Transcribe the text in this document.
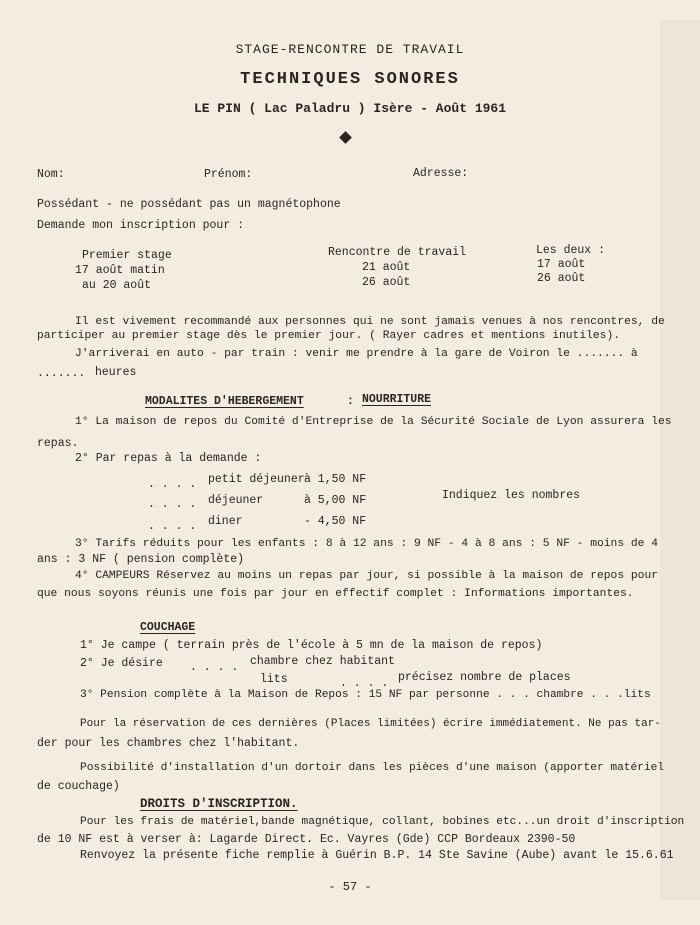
STAGE-RENCONTRE DE TRAVAIL
TECHNIQUES SONORES
LE PIN ( Lac Paladru ) Isère - Août 1961
Nom:	Prénom:	Adresse:
Possédant - ne possédant pas un magnétophone
Demande mon inscription pour :
Premier stage
17 août matin
au 20 août
Rencontre de travail
21 août
26 août
Les deux :
17 août
26 août
Il est vivement recommandé aux personnes qui ne sont jamais venues à nos rencontres, de
participer au premier stage dès le premier jour. ( Rayer cadres et mentions inutiles).
J'arriverai en auto - par train : venir me prendre à la gare de Voiron le ....... à
....... heures
MODALITES D'HEBERGEMENT	: NOURRITURE
1° La maison de repos du Comité d'Entreprise de la Sécurité Sociale de Lyon assurera les
repas.
2° Par repas à la demande :
. . . . petit déjeuner à 1,50 NF
. . . . déjeuner	à 5,00 NF
. . . . diner	- 4,50 NF
Indiquez les nombres
3° Tarifs réduits pour les enfants : 8 à 12 ans : 9 NF - 4 à 8 ans : 5 NF - moins de 4
ans : 3 NF ( pension complète)
4° CAMPEURS Réservez au moins un repas par jour, si possible à la maison de repos pour
que nous soyons réunis une fois par jour en effectif complet : Informations importantes.
COUCHAGE
1° Je campe ( terrain près de l'école à 5 mn de la maison de repos)
2° Je désire . . . . chambre chez habitant
lits	. . . . précisez nombre de places
3° Pension complète à la Maison de Repos : 15 NF par personne . . . chambre . . .lits
Pour la réservation de ces dernières (Places limitées) écrire immédiatement. Ne pas tar-
der pour les chambres chez l'habitant.
Possibilité d'installation d'un dortoir dans les pièces d'une maison (apporter matériel
de couchage)
DROITS D'INSCRIPTION.
Pour les frais de matériel,bande magnétique, collant, bobines etc...un droit d'inscription
de 10 NF est à verser à: Lagarde Direct. Ec. Vayres (Gde) CCP Bordeaux 2390-50
Renvoyez la présente fiche remplie à Guérin B.P. 14 Ste Savine (Aube) avant le 15.6.61
- 57 -
